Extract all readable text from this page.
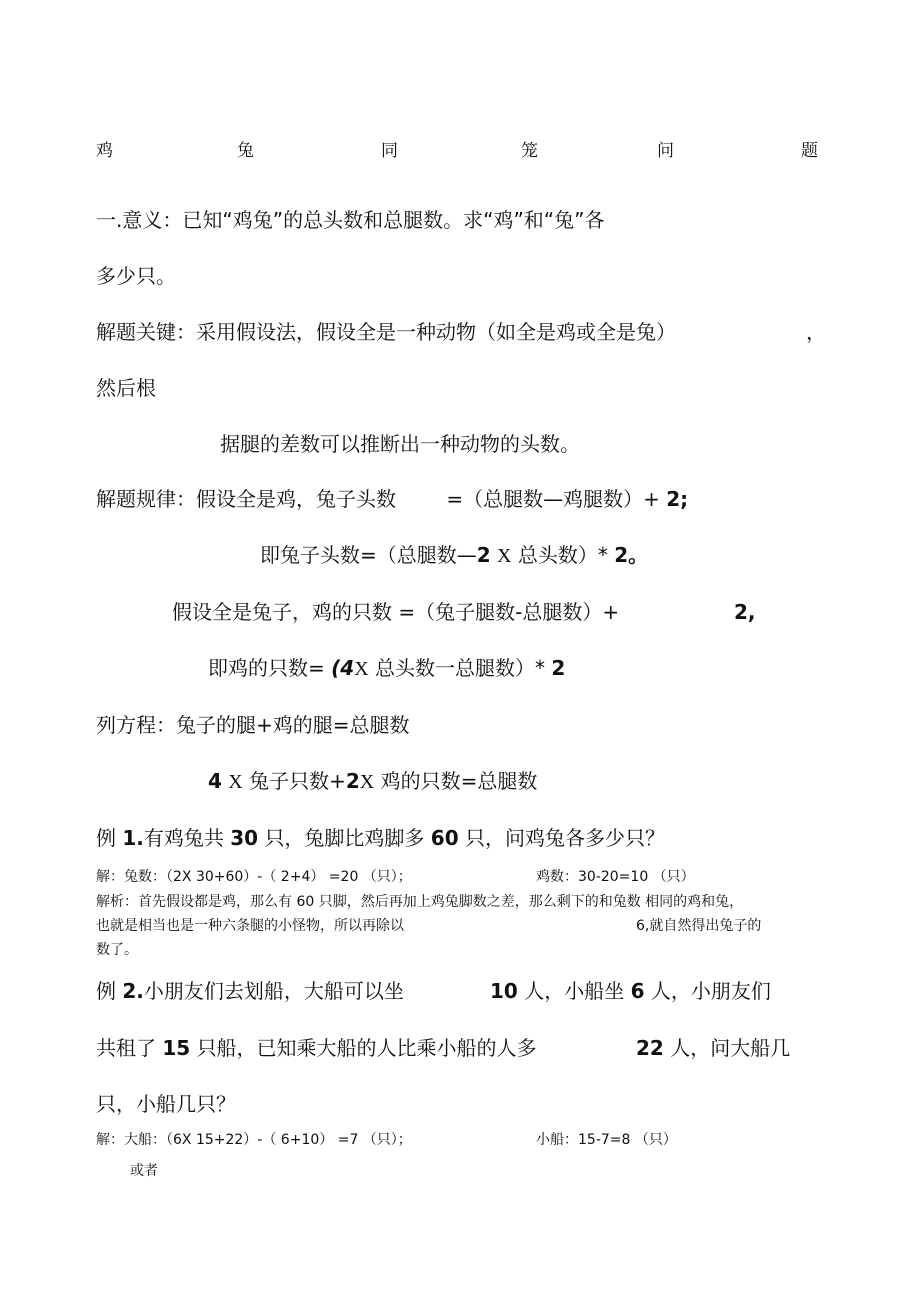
鸡	兔	同	笼	问	题
一.意义：已知“鸡兔”的总头数和总腿数。求“鸡”和“兔”各
多少只。
解题关键：采用假设法，假设全是一种动物（如全是鸡或全是兔）	，
然后根
据腿的差数可以推断出一种动物的头数。
解题规律：假设全是鸡，兔子头数	=（总腿数—鸡腿数）+ 2;
即兔子头数=（总腿数—2 X 总头数）* 2。
假设全是兔子，鸡的只数 =（兔子腿数-总腿数）+	2,
即鸡的只数= (4X 总头数一总腿数）* 2
列方程：兔子的腿+鸡的腿=总腿数
4 X 兔子只数+2X 鸡的只数=总腿数
例 1.有鸡兔共 30 只，兔脚比鸡脚多 60 只，问鸡兔各多少只？
解：兔数：（2X 30+60）-（ 2+4） =20 （只）；	鸡数：30-20=10 （只）
解析：首先假设都是鸡，那么有 60 只脚，然后再加上鸡兔脚数之差，那么剩下的和兔数 相同的鸡和兔，
也就是相当也是一种六条腿的小怪物，所以再除以	6,就自然得出兔子的
数了。
例 2.小朋友们去划船，大船可以坐	10 人，小船坐 6 人，小朋友们
共租了 15 只船，已知乘大船的人比乘小船的人多	22 人，问大船几
只，小船几只？
解：大船：（6X 15+22）-（ 6+10） =7 （只）；	小船：15-7=8 （只）
或者
